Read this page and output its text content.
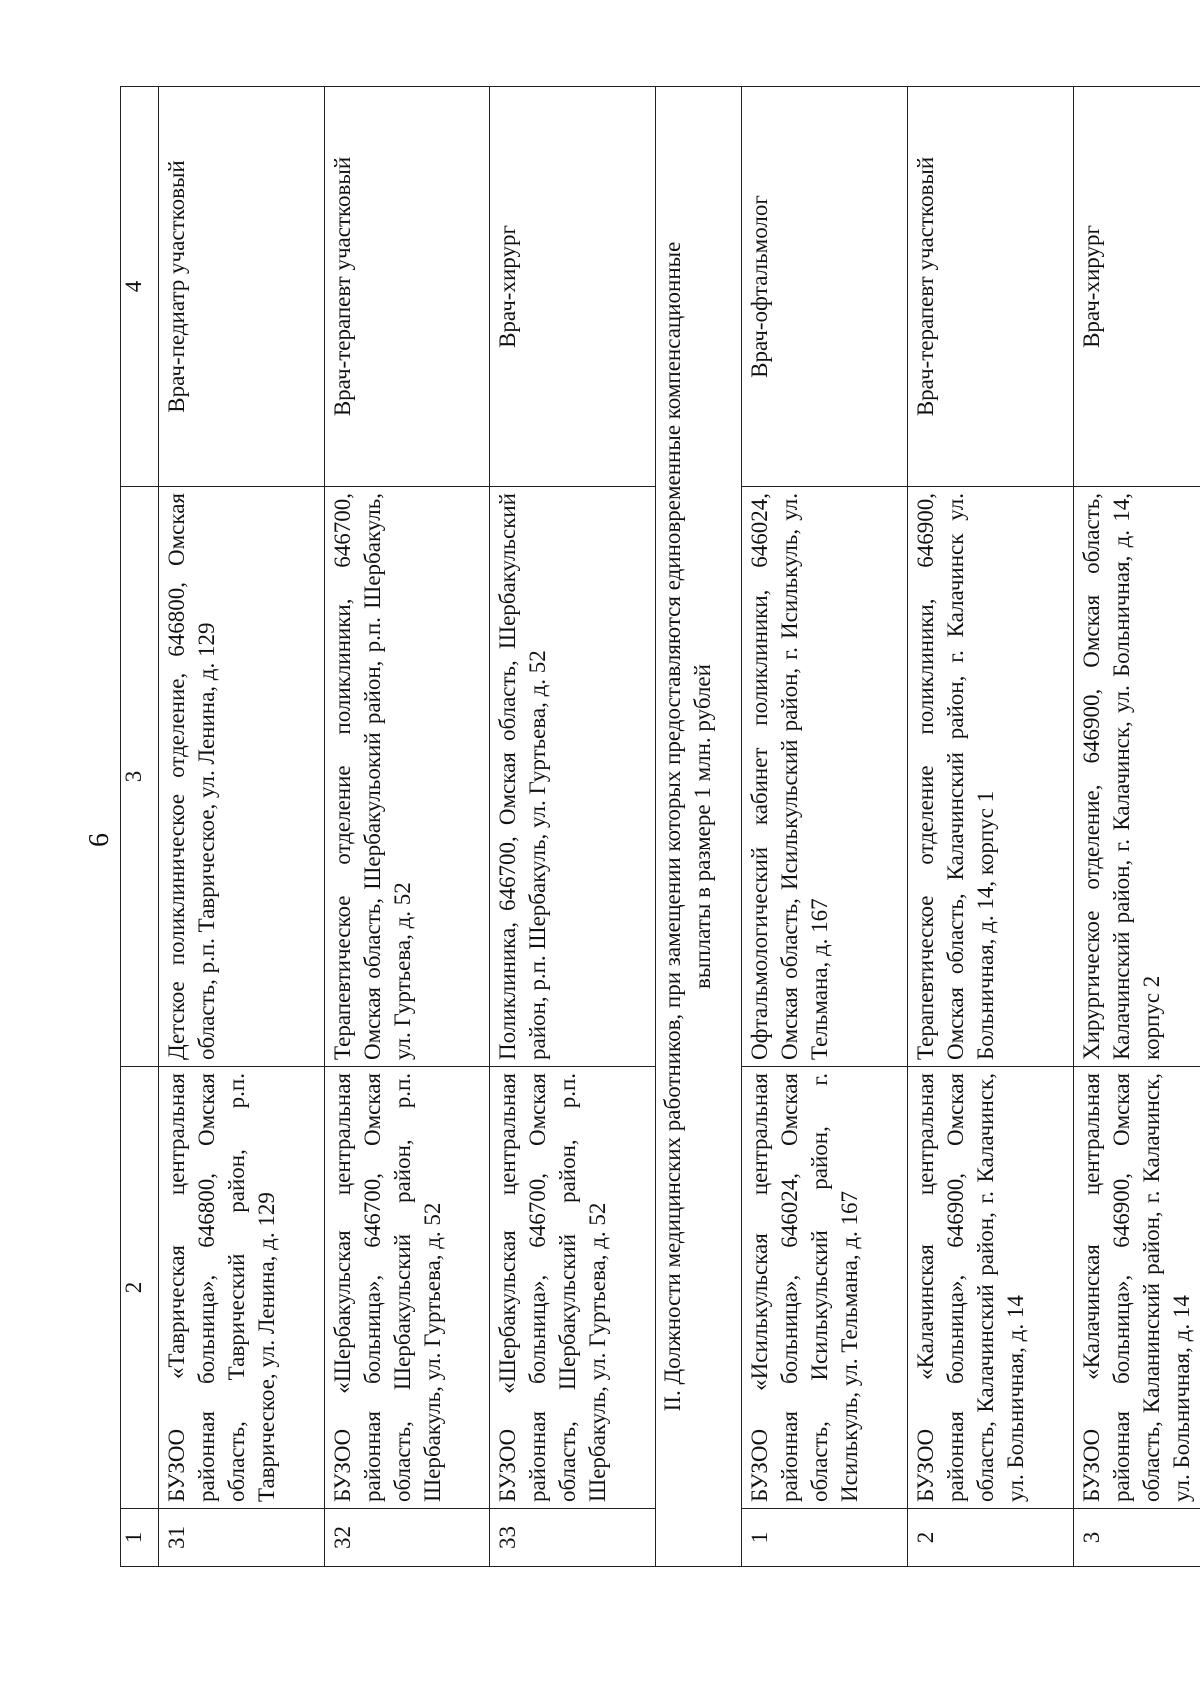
6
1	2	3	4
31	БУЗОО «Таврическая центральная районная больница», 646800, Омская область, Таврический район, р.п. Таврическое, ул. Ленина, д. 129	Детское поликлиническое отделение, 646800, Омская область, р.п. Таврическое, ул. Ленина, д. 129	Врач-педиатр участковый
32	БУЗОО «Шербакульская центральная районная больница», 646700, Омская область, Шербакульский район, р.п. Шербакуль, ул. Гуртьева, д. 52	Терапевтическое отделение поликлиники, 646700, Омская область, Шербакульокий район, р.п. Шербакуль, ул. Гуртьева, д. 52	Врач-терапевт участковый
33	БУЗОО «Шербакульская центральная районная больница», 646700, Омская область, Шербакульский район, р.п. Шербакуль, ул. Гуртьева, д. 52	Поликлиника, 646700, Омская область, Шербакульский район, р.п. Шербакуль, ул. Гуртьева, д. 52	Врач-хирург

II. Должности медицинских работников, при замещении которых предоставляются единовременные компенсационные выплаты в размере 1 млн. рублей			

1	БУЗОО «Исилькульская центральная районная больница», 646024, Омская область, Исилькульский район, г. Исилькуль, ул. Тельмана, д. 167	Офтальмологический кабинет поликлиники, 646024, Омская область, Исилькульский район, г. Исилькуль, ул. Тельмана, д. 167	Врач-офтальмолог
2	БУЗОО «Калачинская центральная районная больница», 646900, Омская область, Калачинский район, г. Калачинск, ул. Больничная, д. 14	Терапевтическое отделение поликлиники, 646900, Омская область, Калачинский район, г. Калачинск ул. Больничная, д. 14, корпус 1	Врач-терапевт участковый
3	БУЗОО «Калачинская центральная районная больница», 646900, Омская область, Каланинский район, г. Калачинск, ул. Больничная, д. 14	Хирургическое отделение, 646900, Омская область, Калачинский район, г. Калачинск, ул. Больничная, д. 14, корпус 2	Врач-хирург
